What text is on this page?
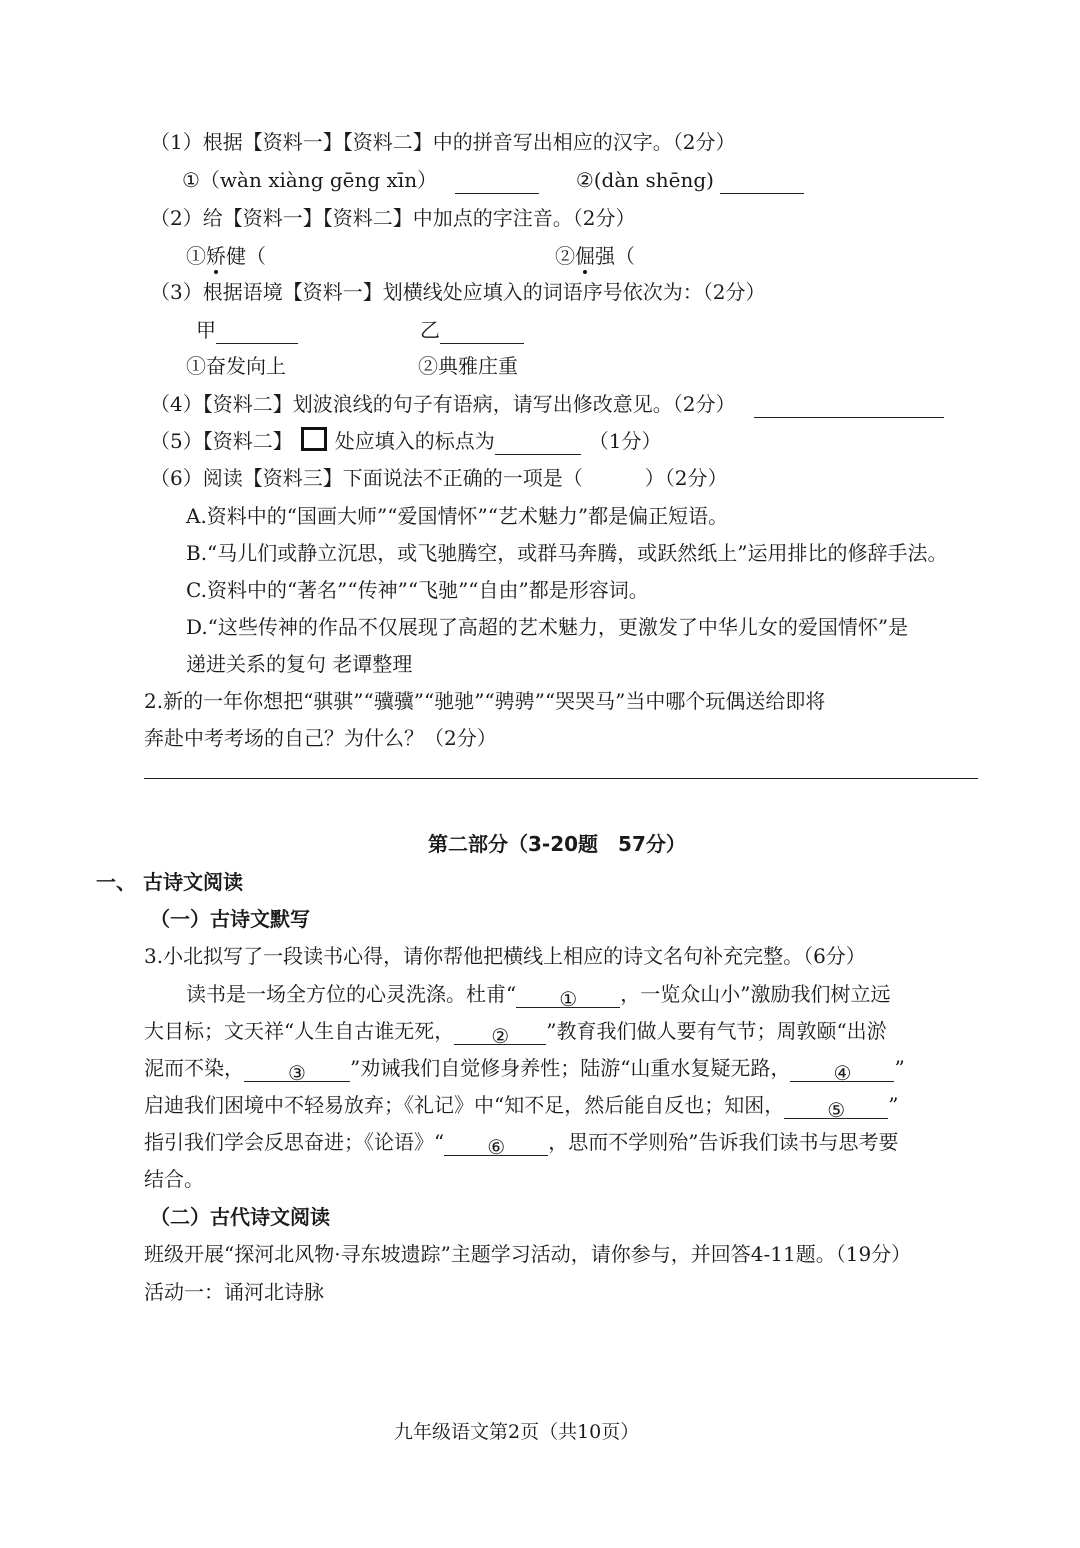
（1）根据【资料一】【资料二】中的拼音写出相应的汉字。（2分）
①（wàn xiàng gēng xīn）	②(dàn shēng)
（2）给【资料一】【资料二】中加点的字注音。（2分）
①矫健（	②倔强（
（3）根据语境【资料一】划横线处应填入的词语序号依次为：（2分）
甲	乙
①奋发向上	②典雅庄重
（4）【资料二】划波浪线的句子有语病，请写出修改意见。（2分）
（5）【资料二】 处应填入的标点为	（1分）
（6）阅读【资料三】下面说法不正确的一项是（	）（2分）
A.资料中的“国画大师”“爱国情怀”“艺术魅力”都是偏正短语。
B.“马儿们或静立沉思，或飞驰腾空，或群马奔腾，或跃然纸上”运用排比的修辞手法。
C.资料中的“著名”“传神”“飞驰”“自由”都是形容词。
D.“这些传神的作品不仅展现了高超的艺术魅力，更激发了中华儿女的爱国情怀”是
递进关系的复句 老谭整理
2.新的一年你想把“骐骐”“骥骥”“驰驰”“骋骋”“哭哭马”当中哪个玩偶送给即将
奔赴中考考场的自己？为什么？（2分）
第二部分（3-20题　57分）
一、 古诗文阅读
（一）古诗文默写
3.小北拟写了一段读书心得，请你帮他把横线上相应的诗文名句补充完整。（6分）
读书是一场全方位的心灵洗涤。杜甫“ ① ，一览众山小”激励我们树立远
大目标；文天祥“人生自古谁无死， ② ”教育我们做人要有气节；周敦颐“出淤
泥而不染， ③ ”劝诫我们自觉修身养性；陆游“山重水复疑无路， ④ ”
启迪我们困境中不轻易放弃；《礼记》中“知不足，然后能自反也；知困， ⑤ ”
指引我们学会反思奋进；《论语》“ ⑥ ，思而不学则殆”告诉我们读书与思考要
结合。
（二）古代诗文阅读
班级开展“探河北风物·寻东坡遗踪”主题学习活动，请你参与，并回答4-11题。（19分）
活动一：诵河北诗脉
九年级语文第2页（共10页）
